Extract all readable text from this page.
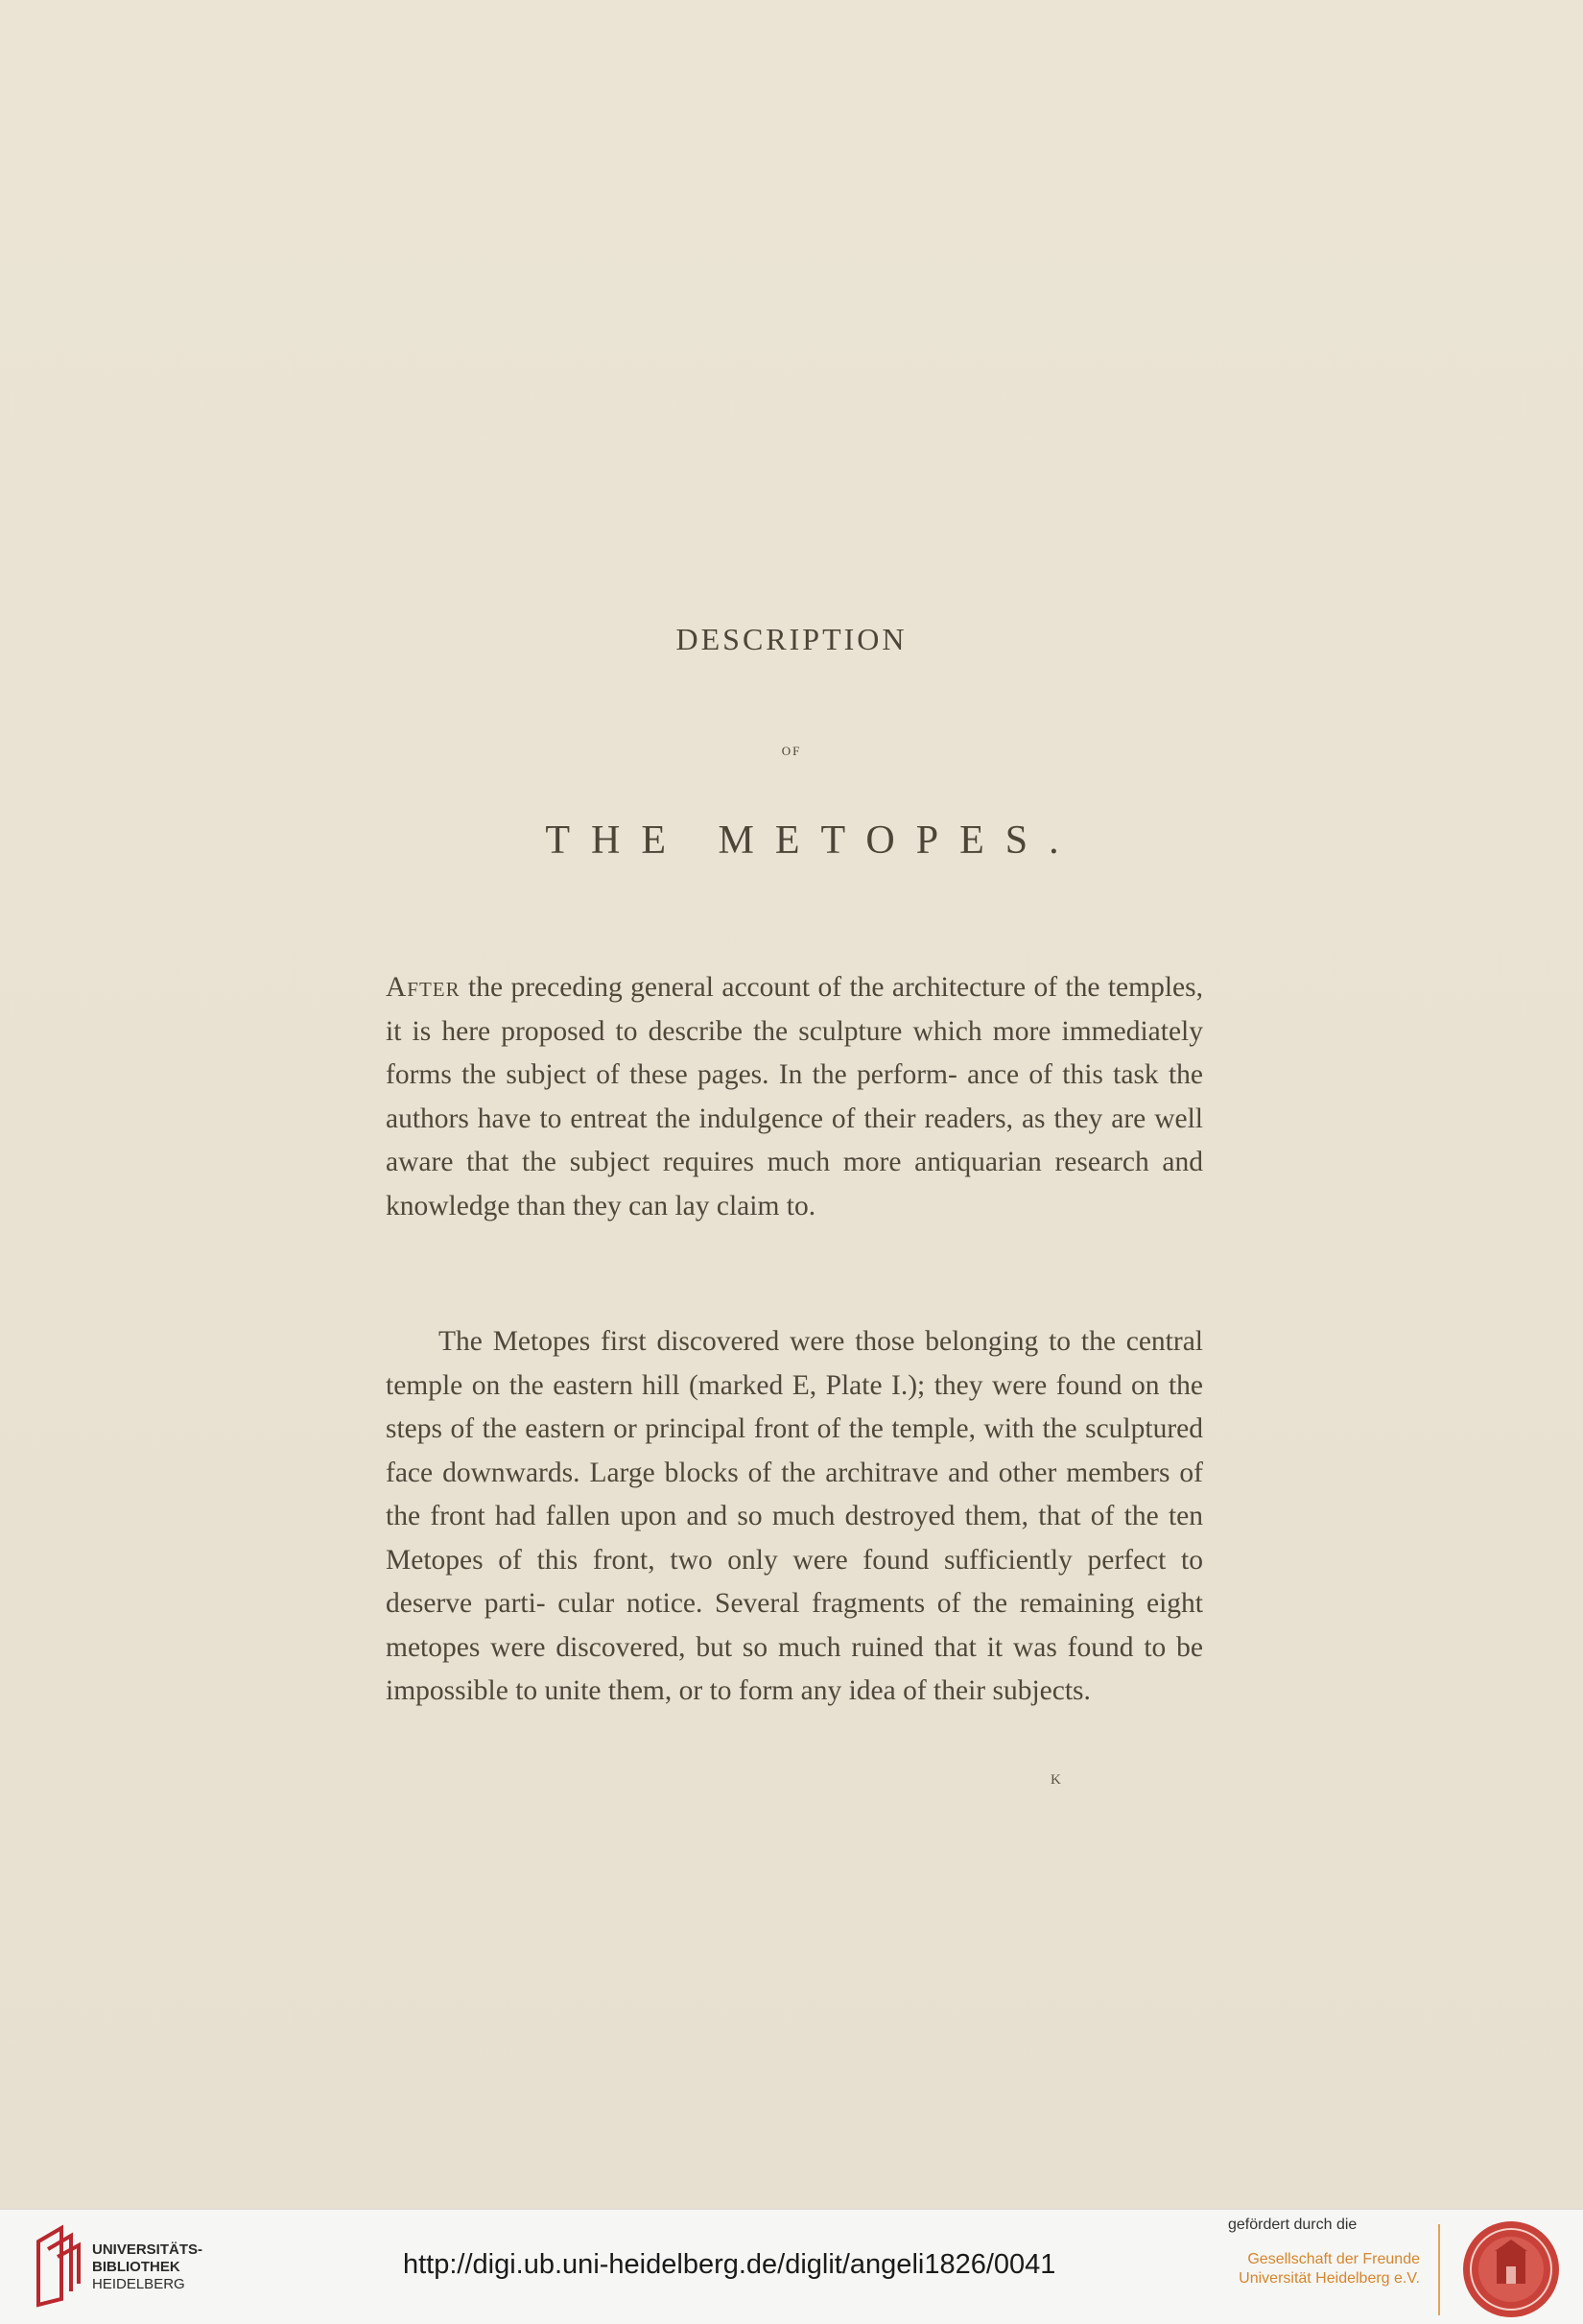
DESCRIPTION
OF
THE METOPES.

After the preceding general account of the architecture of the temples, it is here proposed to describe the sculpture which more immediately forms the subject of these pages. In the perform- ance of this task the authors have to entreat the indulgence of their readers, as they are well aware that the subject requires much more antiquarian research and knowledge than they can lay claim to.

The Metopes first discovered were those belonging to the central temple on the eastern hill (marked E, Plate I.); they were found on the steps of the eastern or principal front of the temple, with the sculptured face downwards. Large blocks of the architrave and other members of the front had fallen upon and so much destroyed them, that of the ten Metopes of this front, two only were found sufficiently perfect to deserve parti- cular notice. Several fragments of the remaining eight metopes were discovered, but so much ruined that it was found to be impossible to unite them, or to form any idea of their subjects.

K
UNIVERSITÄTS-
BIBLIOTHEK
HEIDELBERG
http://digi.ub.uni-heidelberg.de/diglit/angeli1826/0041
gefördert durch die
Gesellschaft der Freunde
Universität Heidelberg e.V.
